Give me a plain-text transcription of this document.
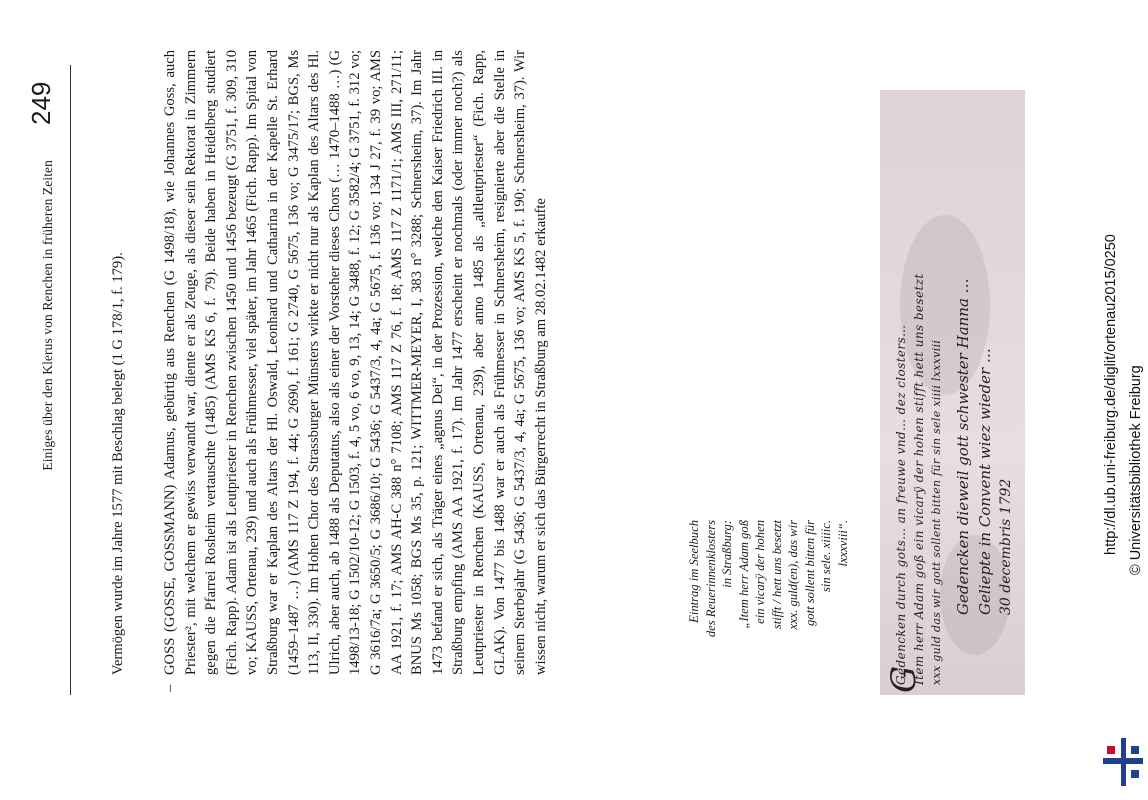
Einiges über den Klerus von Renchen in früheren Zeiten
249
Vermögen wurde im Jahre 1577 mit Beschlag belegt (1 G 178/1, f. 179).
–
GOSS (GOSSE, GOSSMANN) Adamus, gebürtig aus Renchen (G 1498/18), wie Johannes Goss, auch Priester², mit welchem er gewiss verwandt war, diente er als Zeuge, als dieser sein Rektorat in Zimmern gegen die Pfarrei Rosheim vertauschte (1485) (AMS KS 6, f. 79). Beide haben in Heidelberg studiert (Fich. Rapp). Adam ist als Leutpriester in Renchen zwischen 1450 und 1456 bezeugt (G 3751, f. 309, 310 vo; KAUSS, Ortenau, 239) und auch als Frühmesser, viel später, im Jahr 1465 (Fich. Rapp). Im Spital von Straßburg war er Kaplan des Altars der Hl. Oswald, Leonhard und Catharina in der Kapelle St. Erhard (1459–1487 …) (AMS 117 Z 194, f. 44; G 2690, f. 161; G 2740, G 5675, 136 vo; G 3475/17; BGS, Ms 113, II, 330). Im Hohen Chor des Strassburger Münsters wirkte er nicht nur als Kaplan des Altars des Hl. Ulrich, aber auch, ab 1488 als Deputatus, also als einer der Vorsteher dieses Chors (… 1470–1488 …) (G 1498/13-18; G 1502/10-12; G 1503, f. 4, 5 vo, 6 vo, 9, 13, 14; G 3488, f. 12; G 3582/4; G 3751, f. 312 vo; G 3616/7a; G 3650/5; G 3686/10; G 5436; G 5437/3, 4, 4a; G 5675, f. 136 vo; 134 J 27, f. 39 vo; AMS AA 1921, f. 17; AMS AH-C 388 n° 7108; AMS 117 Z 76, f. 18; AMS 117 Z 1171/1; AMS III, 271/11; BNUS Ms 1058; BGS Ms 35, p. 121; WITTMER-MEYER, I, 383 n° 3288; Schnersheim, 37). Im Jahr 1473 befand er sich, als Träger eines „agnus Dei“, in der Prozession, welche den Kaiser Friedrich III. in Straßburg empfing (AMS AA 1921, f. 17). Im Jahr 1477 erscheint er nochmals (oder immer noch?) als Leutpriester in Renchen (KAUSS, Ortenau, 239), aber anno 1485 als „altleutpriester“ (Fich. Rapp, GLAK). Von 1477 bis 1488 war er auch als Frühmesser in Schnersheim, resignierte aber die Stelle in seinem Sterbejahr (G 5436; G 5437/3, 4, 4a; G 5675, 136 vo; AMS KS 5, f. 190; Schnersheim, 37). Wir wissen nicht, warum er sich das Bürgerrecht in Straßburg am 28.02.1482 erkaufte	Eintrag im Seelbuch des Reuerinnenklosters in Straßburg: „Item herr Adam goß ein vicarÿ der hohen stifft / hett uns besetzt xxx. guld(en), das wir gott sollent bitten für sin sele. xiiiic. lxxxviii“.
G
Gedencken durch gots… an freuwe vnd… dez closters… Item herr Adam goß ein vicarÿ der hohen stifft hett uns besetzt xxx guld das wir gott sollent bitten für sin sele xiiii lxxxviii Gedencken dieweil gott schwester Hanna … Geliepte in Convent wiez wieder … 30 decembris 1792	http://dl.ub.uni-freiburg.de/diglit/ortenau2015/0250 © Universitätsbibliothek Freiburg
